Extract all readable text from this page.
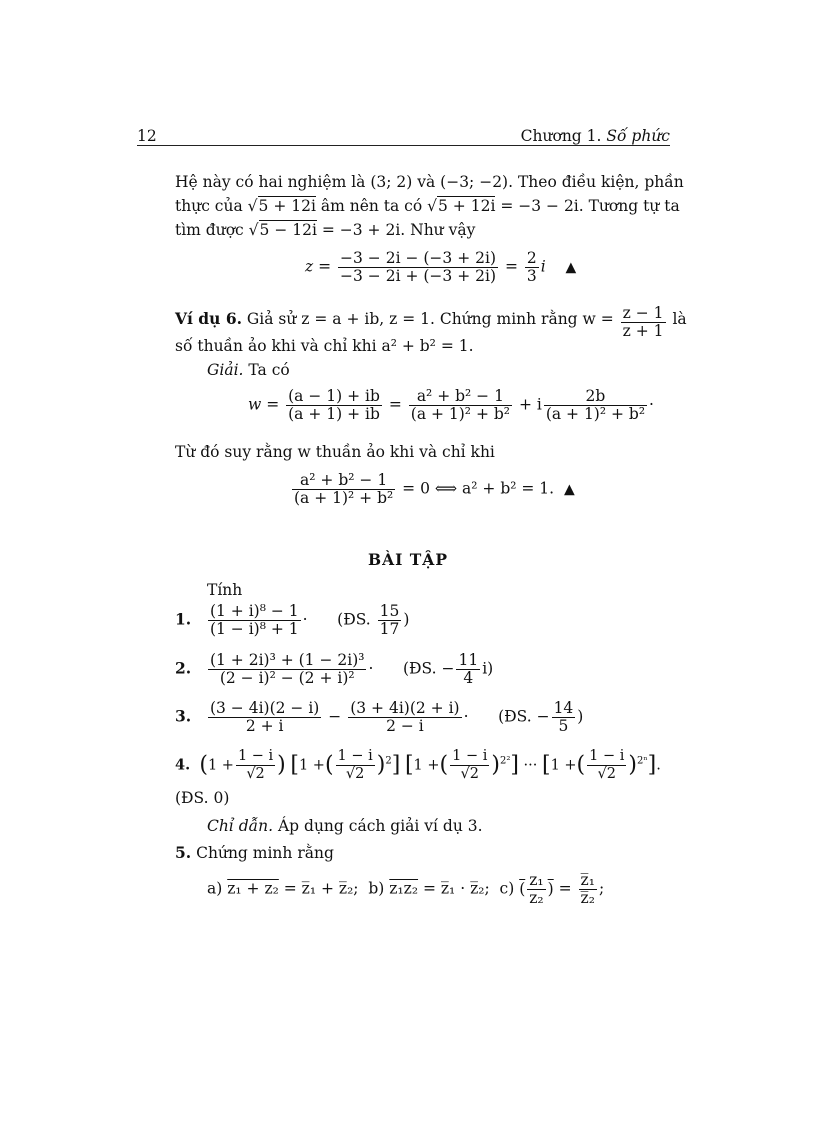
12	Chương 1. Số phức
Hệ này có hai nghiệm là (3; 2) và (−3; −2). Theo điều kiện, phần
thực của √5 + 12i âm nên ta có √5 + 12i = −3 − 2i. Tương tự ta
tìm được √5 − 12i = −3 + 2i. Như vậy
$z = \frac{-3 - 2i - (-3 + 2i)}{-3 - 2i + (-3 + 2i)} = \frac{2}{3}$ i ▲
Ví dụ 6. Giả sử z = a + ib, z = 1. Chứng minh rằng $w = \frac{z - 1}{z + 1}$ là
số thuần ảo khi và chỉ khi a² + b² = 1.
Giải. Ta có
$w = \frac{(a - 1) + ib}{(a + 1) + ib} = \frac{\text{a² + b² − 1}}{\text{(a + 1)² + b²}} + i \frac{2b}{\text{(a + 1)² + b²}}$ ·
Từ đó suy rằng w thuần ảo khi và chỉ khi
$\frac{\text{a² + b² − 1}}{\text{(a + 1)² + b²}} = 0$ ⟺ a² + b² = 1. ▲
BÀI TẬP
Tính
1. $\frac{\text{(1 + i)⁸ − 1}}{\text{(1 − i)⁸ + 1}}$ · (ĐS. $\frac{15}{17}$ )
2. $\frac{\text{(1 + 2i)³ + (1 − 2i)³}}{\text{(2 − i)² − (2 + i)²}}$ · (ĐS. − $\frac{11}{4} i$)
3. $\frac{(3 - 4i)(2 - i)}{2 + i} - \frac{(3 + 4i)(2 + i)}{2 - i}$ · (ĐS. − $\frac{14}{5}$ )
4. ($1 + \frac{1 - i}{√2}$ ) [1 +( $\frac{1 - i}{√2} )^2$] [1 +( $\frac{1 - i}{√2} )^{2^2}$] ··· [1 +( $\frac{1 - i}{√2} )^{2^n}$].
(ĐS. 0)
Chỉ dẫn. Áp dụng cách giải ví dụ 3.
5. Chứng minh rằng
a) z₁ + z₂ = z̅₁ + z̅₂;  b) z₁z₂ = z̅₁ · z̅₂;  c) ( $\frac{\text{z₁}}{\text{z₂}}$ ) = $\frac{\text{z̅₁}}{\text{z̅₂}}$ ;
